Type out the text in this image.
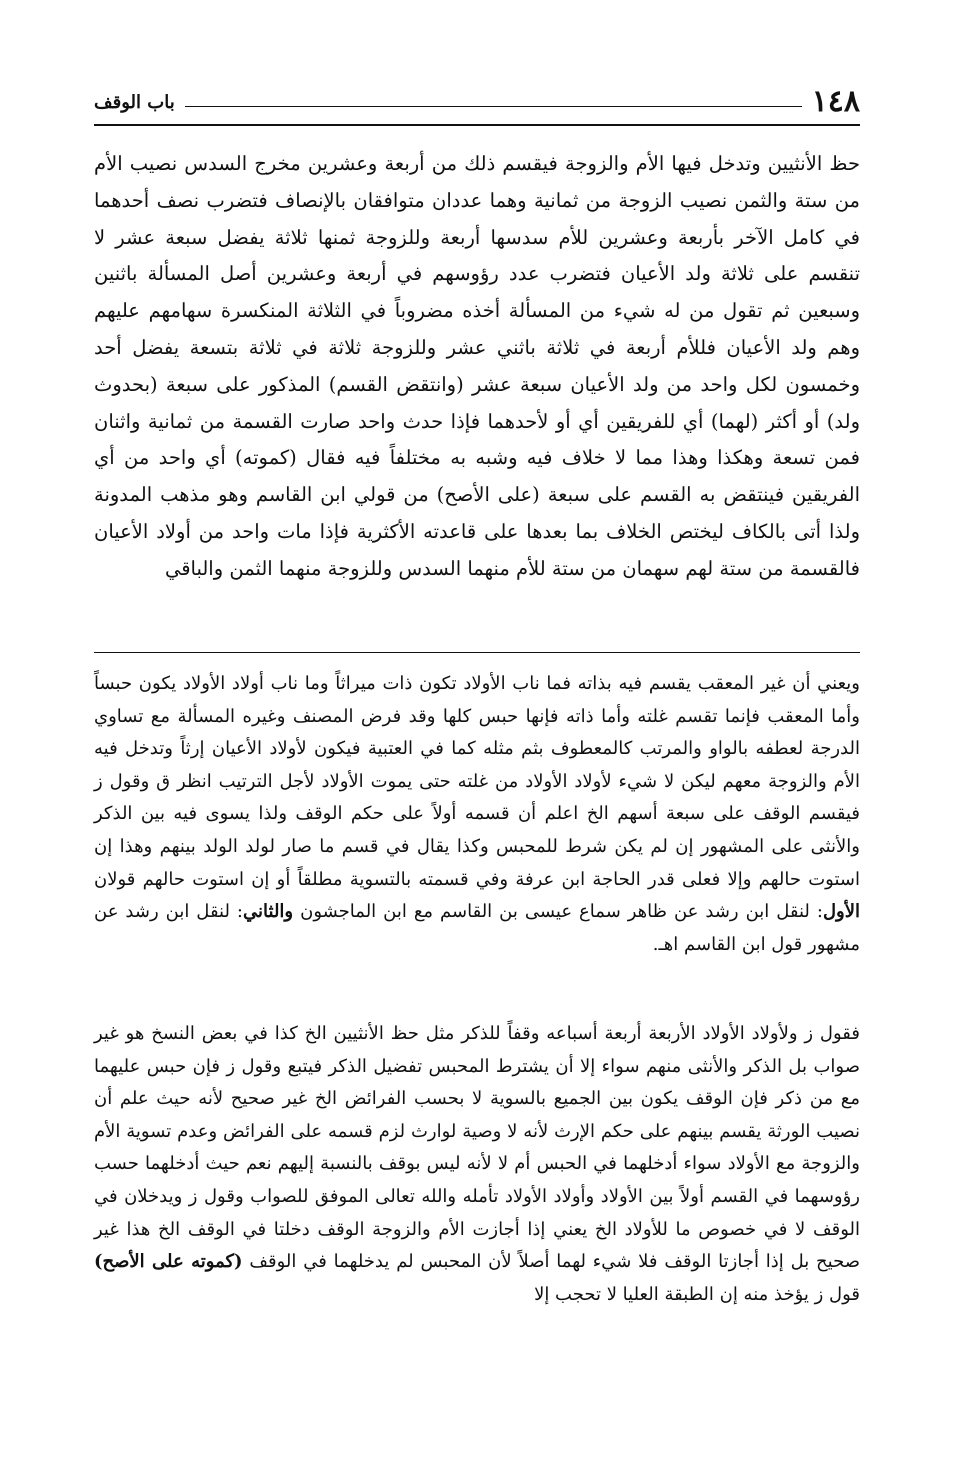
١٤٨
باب الوقف

حظ الأنثيين وتدخل فيها الأم والزوجة فيقسم ذلك من أربعة وعشرين مخرج السدس نصيب الأم من ستة والثمن نصيب الزوجة من ثمانية وهما عددان متوافقان بالإنصاف فتضرب نصف أحدهما في كامل الآخر بأربعة وعشرين للأم سدسها أربعة وللزوجة ثمنها ثلاثة يفضل سبعة عشر لا تنقسم على ثلاثة ولد الأعيان فتضرب عدد رؤوسهم في أربعة وعشرين أصل المسألة باثنين وسبعين ثم تقول من له شيء من المسألة أخذه مضروباً في الثلاثة المنكسرة سهامهم عليهم وهم ولد الأعيان فللأم أربعة في ثلاثة باثني عشر وللزوجة ثلاثة في ثلاثة بتسعة يفضل أحد وخمسون لكل واحد من ولد الأعيان سبعة عشر (وانتقض القسم) المذكور على سبعة (بحدوث ولد) أو أكثر (لهما) أي للفريقين أي أو لأحدهما فإذا حدث واحد صارت القسمة من ثمانية واثنان فمن تسعة وهكذا وهذا مما لا خلاف فيه وشبه به مختلفاً فيه فقال (كموته) أي واحد من أي الفريقين فينتقض به القسم على سبعة (على الأصح) من قولي ابن القاسم وهو مذهب المدونة ولذا أتى بالكاف ليختص الخلاف بما بعدها على قاعدته الأكثرية فإذا مات واحد من أولاد الأعيان فالقسمة من ستة لهم سهمان من ستة للأم منهما السدس وللزوجة منهما الثمن والباقي

ويعني أن غير المعقب يقسم فيه بذاته فما ناب الأولاد تكون ذات ميراثاً وما ناب أولاد الأولاد يكون حبساً وأما المعقب فإنما تقسم غلته وأما ذاته فإنها حبس كلها وقد فرض المصنف وغيره المسألة مع تساوي الدرجة لعطفه بالواو والمرتب كالمعطوف بثم مثله كما في العتبية فيكون لأولاد الأعيان إرثاً وتدخل فيه الأم والزوجة معهم ليكن لا شيء لأولاد الأولاد من غلته حتى يموت الأولاد لأجل الترتيب انظر ق وقول ز فيقسم الوقف على سبعة أسهم الخ اعلم أن قسمه أولاً على حكم الوقف ولذا يسوى فيه بين الذكر والأنثى على المشهور إن لم يكن شرط للمحبس وكذا يقال في قسم ما صار لولد الولد بينهم وهذا إن استوت حالهم وإلا فعلى قدر الحاجة ابن عرفة وفي قسمته بالتسوية مطلقاً أو إن استوت حالهم قولان الأول: لنقل ابن رشد عن ظاهر سماع عيسى بن القاسم مع ابن الماجشون والثاني: لنقل ابن رشد عن مشهور قول ابن القاسم اهـ.

فقول ز ولأولاد الأولاد الأربعة أربعة أسباعه وقفاً للذكر مثل حظ الأنثيين الخ كذا في بعض النسخ هو غير صواب بل الذكر والأنثى منهم سواء إلا أن يشترط المحبس تفضيل الذكر فيتبع وقول ز فإن حبس عليهما مع من ذكر فإن الوقف يكون بين الجميع بالسوية لا بحسب الفرائض الخ غير صحيح لأنه حيث علم أن نصيب الورثة يقسم بينهم على حكم الإرث لأنه لا وصية لوارث لزم قسمه على الفرائض وعدم تسوية الأم والزوجة مع الأولاد سواء أدخلهما في الحبس أم لا لأنه ليس بوقف بالنسبة إليهم نعم حيث أدخلهما حسب رؤوسهما في القسم أولاً بين الأولاد وأولاد الأولاد تأمله والله تعالى الموفق للصواب وقول ز ويدخلان في الوقف لا في خصوص ما للأولاد الخ يعني إذا أجازت الأم والزوجة الوقف دخلتا في الوقف الخ هذا غير صحيح بل إذا أجازتا الوقف فلا شيء لهما أصلاً لأن المحبس لم يدخلهما في الوقف (كموته على الأصح) قول ز يؤخذ منه إن الطبقة العليا لا تحجب إلا
